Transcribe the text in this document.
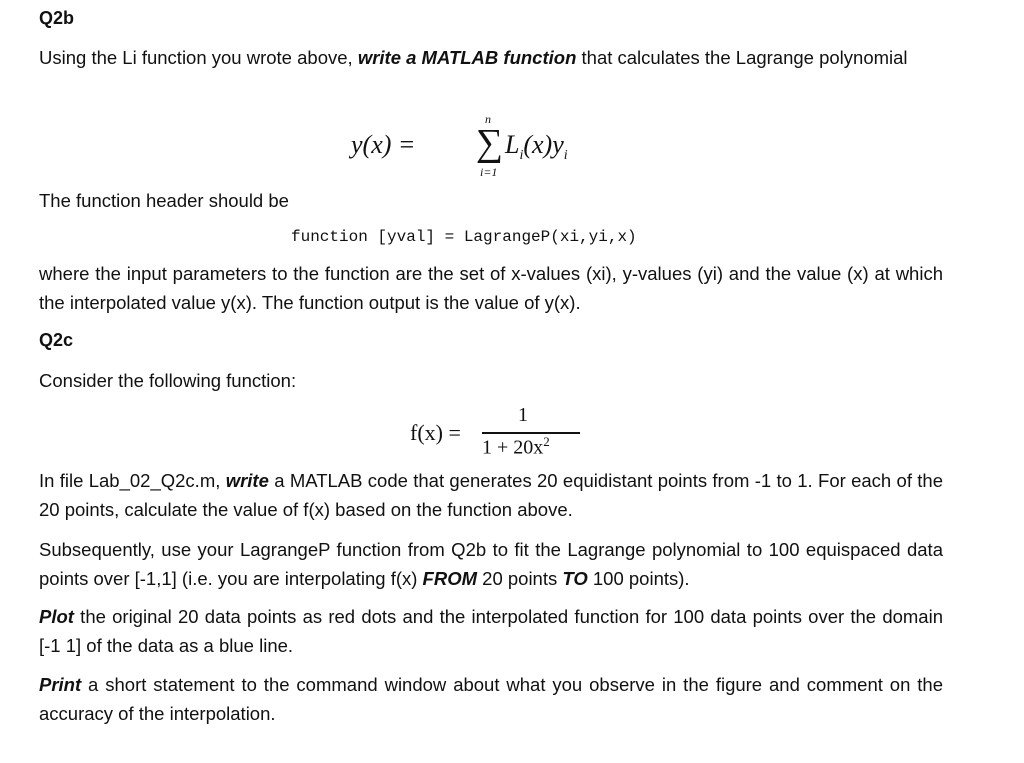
Q2b
Using the Li function you wrote above, write a MATLAB function that calculates the Lagrange polynomial
The function header should be
function [yval] = LagrangeP(xi,yi,x)
where the input parameters to the function are the set of x-values (xi), y-values (yi) and the value (x) at which the interpolated value y(x). The function output is the value of y(x).
Q2c
Consider the following function:
In file Lab_02_Q2c.m, write a MATLAB code that generates 20 equidistant points from -1 to 1. For each of the 20 points, calculate the value of f(x) based on the function above.
Subsequently, use your LagrangeP function from Q2b to fit the Lagrange polynomial to 100 equispaced data points over [-1,1] (i.e. you are interpolating f(x) FROM 20 points TO 100 points).
Plot the original 20 data points as red dots and the interpolated function for 100 data points over the domain [-1 1] of the data as a blue line.
Print a short statement to the command window about what you observe in the figure and comment on the accuracy of the interpolation.
y(x) =
n
∑
i=1
$L_i(x)y_i$
f(x) =
1
$1 + 20x^2$
